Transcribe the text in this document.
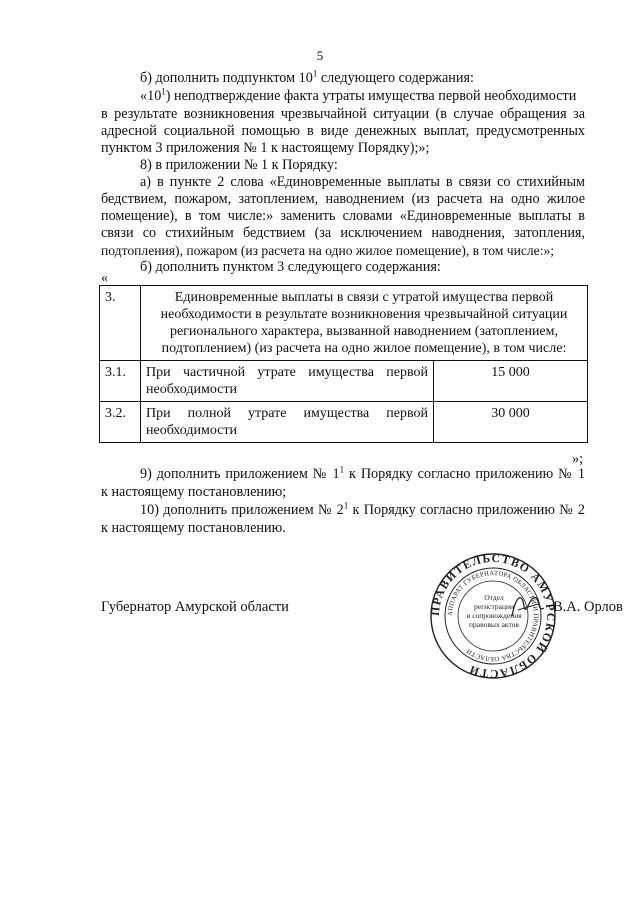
5
б) дополнить подпунктом $10^1$ следующего содержания:
«$10^1$) неподтверждение факта утраты имущества первой необходимости
в результате возникновения чрезвычайной ситуации (в случае обращения за
адресной социальной помощью в виде денежных выплат, предусмотренных
пунктом 3 приложения № 1 к настоящему Порядку);»;
8) в приложении № 1 к Порядку:
а) в пункте 2 слова «Единовременные выплаты в связи со стихийным
бедствием, пожаром, затоплением, наводнением (из расчета на одно жилое
помещение), в том числе:» заменить словами «Единовременные выплаты в
связи со стихийным бедствием (за исключением наводнения, затопления,
подтопления), пожаром (из расчета на одно жилое помещение), в том числе:»;
б) дополнить пунктом 3 следующего содержания:
«
3.	Единовременные выплаты в связи с утратой имущества первой необходимости в результате возникновения чрезвычайной ситуации регионального характера, вызванной наводнением (затоплением, подтоплением) (из расчета на одно жилое помещение), в том числе:	
3.1.	При частичной утрате имущества первой необходимости	15 000
3.2.	При полной утрате имущества первой необходимости	30 000
»;
9) дополнить приложением № $1^1$ к Порядку согласно приложению № 1
к настоящему постановлению;
10) дополнить приложением № $2^1$ к Порядку согласно приложению № 2
к настоящему постановлению.
ПРАВИТЕЛЬСТВО АМУРСКОЙ ОБЛАСТИ
АППАРАТ ГУБЕРНАТОРА ОБЛАСТИ И ПРАВИТЕЛЬСТВА ОБЛАСТИ
Отдел
регистрации
и сопровождения
правовых актов
Губернатор Амурской области	В.А. Орлов
